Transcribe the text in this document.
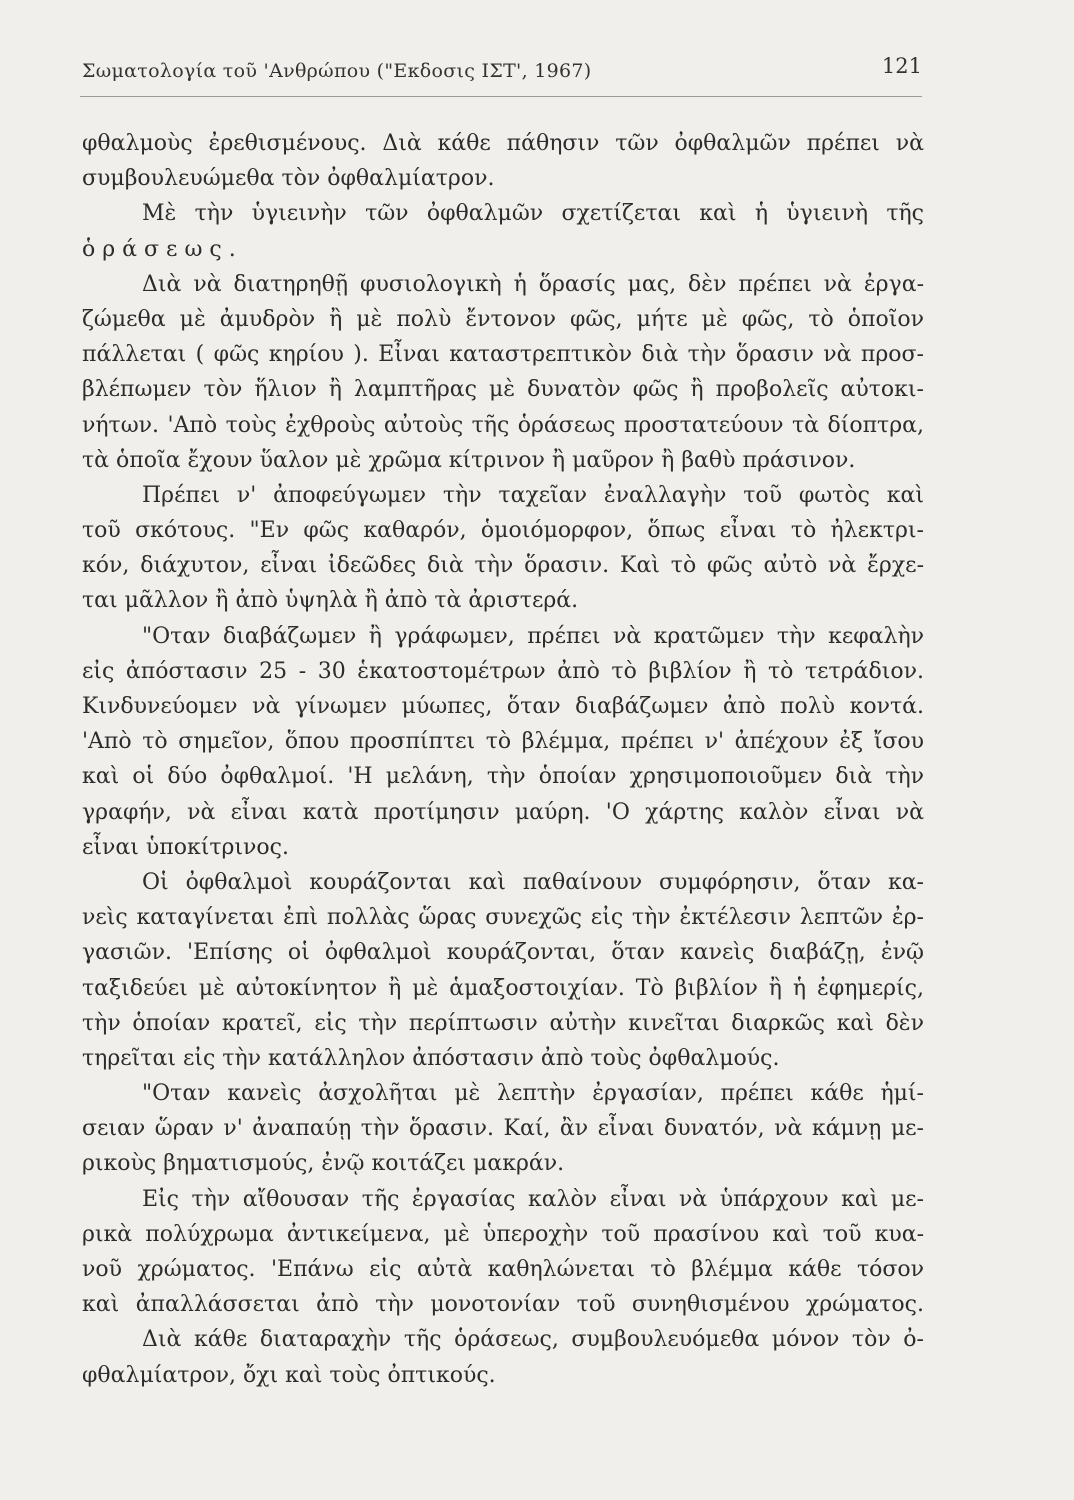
Σωματολογία τοῦ 'Ανθρώπου ("Εκδοσις ΙΣΤ', 1967)	121
φθαλμοὺς ἐρεθισμένους. Διὰ κάθε πάθησιν τῶν ὀφθαλμῶν πρέπει νὰ
συμβουλευώμεθα τὸν ὀφθαλμίατρον.
Μὲ τὴν ὑγιεινὴν τῶν ὀφθαλμῶν σχετίζεται καὶ ἡ ὑγιεινὴ τῆς
ὁράσεως.
Διὰ νὰ διατηρηθῇ φυσιολογικὴ ἡ ὅρασίς μας, δὲν πρέπει νὰ ἐργα-
ζώμεθα μὲ ἀμυδρὸν ἢ μὲ πολὺ ἔντονον φῶς, μήτε μὲ φῶς, τὸ ὁποῖον
πάλλεται ( φῶς κηρίου ). Εἶναι καταστρεπτικὸν διὰ τὴν ὅρασιν νὰ προσ-
βλέπωμεν τὸν ἥλιον ἢ λαμπτῆρας μὲ δυνατὸν φῶς ἢ προβολεῖς αὐτοκι-
νήτων. 'Απὸ τοὺς ἐχθροὺς αὐτοὺς τῆς ὁράσεως προστατεύουν τὰ δίοπτρα,
τὰ ὁποῖα ἔχουν ὕαλον μὲ χρῶμα κίτρινον ἢ μαῦρον ἢ βαθὺ πράσινον.
Πρέπει ν' ἀποφεύγωμεν τὴν ταχεῖαν ἐναλλαγὴν τοῦ φωτὸς καὶ
τοῦ σκότους. "Εν φῶς καθαρόν, ὁμοιόμορφον, ὅπως εἶναι τὸ ἠλεκτρι-
κόν, διάχυτον, εἶναι ἰδεῶδες διὰ τὴν ὅρασιν. Καὶ τὸ φῶς αὐτὸ νὰ ἔρχε-
ται μᾶλλον ἢ ἀπὸ ὑψηλὰ ἢ ἀπὸ τὰ ἀριστερά.
"Οταν διαβάζωμεν ἢ γράφωμεν, πρέπει νὰ κρατῶμεν τὴν κεφαλὴν
εἰς ἀπόστασιν 25 - 30 ἑκατοστομέτρων ἀπὸ τὸ βιβλίον ἢ τὸ τετράδιον.
Κινδυνεύομεν νὰ γίνωμεν μύωπες, ὅταν διαβάζωμεν ἀπὸ πολὺ κοντά.
'Απὸ τὸ σημεῖον, ὅπου προσπίπτει τὸ βλέμμα, πρέπει ν' ἀπέχουν ἐξ ἴσου
καὶ οἱ δύο ὀφθαλμοί. 'Η μελάνη, τὴν ὁποίαν χρησιμοποιοῦμεν διὰ τὴν
γραφήν, νὰ εἶναι κατὰ προτίμησιν μαύρη. 'Ο χάρτης καλὸν εἶναι νὰ
εἶναι ὑποκίτρινος.
Οἱ ὀφθαλμοὶ κουράζονται καὶ παθαίνουν συμφόρησιν, ὅταν κα-
νεὶς καταγίνεται ἐπὶ πολλὰς ὥρας συνεχῶς εἰς τὴν ἐκτέλεσιν λεπτῶν ἐρ-
γασιῶν. 'Επίσης οἱ ὀφθαλμοὶ κουράζονται, ὅταν κανεὶς διαβάζῃ, ἐνῷ
ταξιδεύει μὲ αὐτοκίνητον ἢ μὲ ἁμαξοστοιχίαν. Τὸ βιβλίον ἢ ἡ ἐφημερίς,
τὴν ὁποίαν κρατεῖ, εἰς τὴν περίπτωσιν αὐτὴν κινεῖται διαρκῶς καὶ δὲν
τηρεῖται εἰς τὴν κατάλληλον ἀπόστασιν ἀπὸ τοὺς ὀφθαλμούς.
"Οταν κανεὶς ἀσχολῆται μὲ λεπτὴν ἐργασίαν, πρέπει κάθε ἡμί-
σειαν ὥραν ν' ἀναπαύῃ τὴν ὅρασιν. Καί, ἂν εἶναι δυνατόν, νὰ κάμνῃ με-
ρικοὺς βηματισμούς, ἐνῷ κοιτάζει μακράν.
Εἰς τὴν αἴθουσαν τῆς ἐργασίας καλὸν εἶναι νὰ ὑπάρχουν καὶ με-
ρικὰ πολύχρωμα ἀντικείμενα, μὲ ὑπεροχὴν τοῦ πρασίνου καὶ τοῦ κυα-
νοῦ χρώματος. 'Επάνω εἰς αὐτὰ καθηλώνεται τὸ βλέμμα κάθε τόσον
καὶ ἀπαλλάσσεται ἀπὸ τὴν μονοτονίαν τοῦ συνηθισμένου χρώματος.
Διὰ κάθε διαταραχὴν τῆς ὁράσεως, συμβουλευόμεθα μόνον τὸν ὀ-
φθαλμίατρον, ὄχι καὶ τοὺς ὀπτικούς.
